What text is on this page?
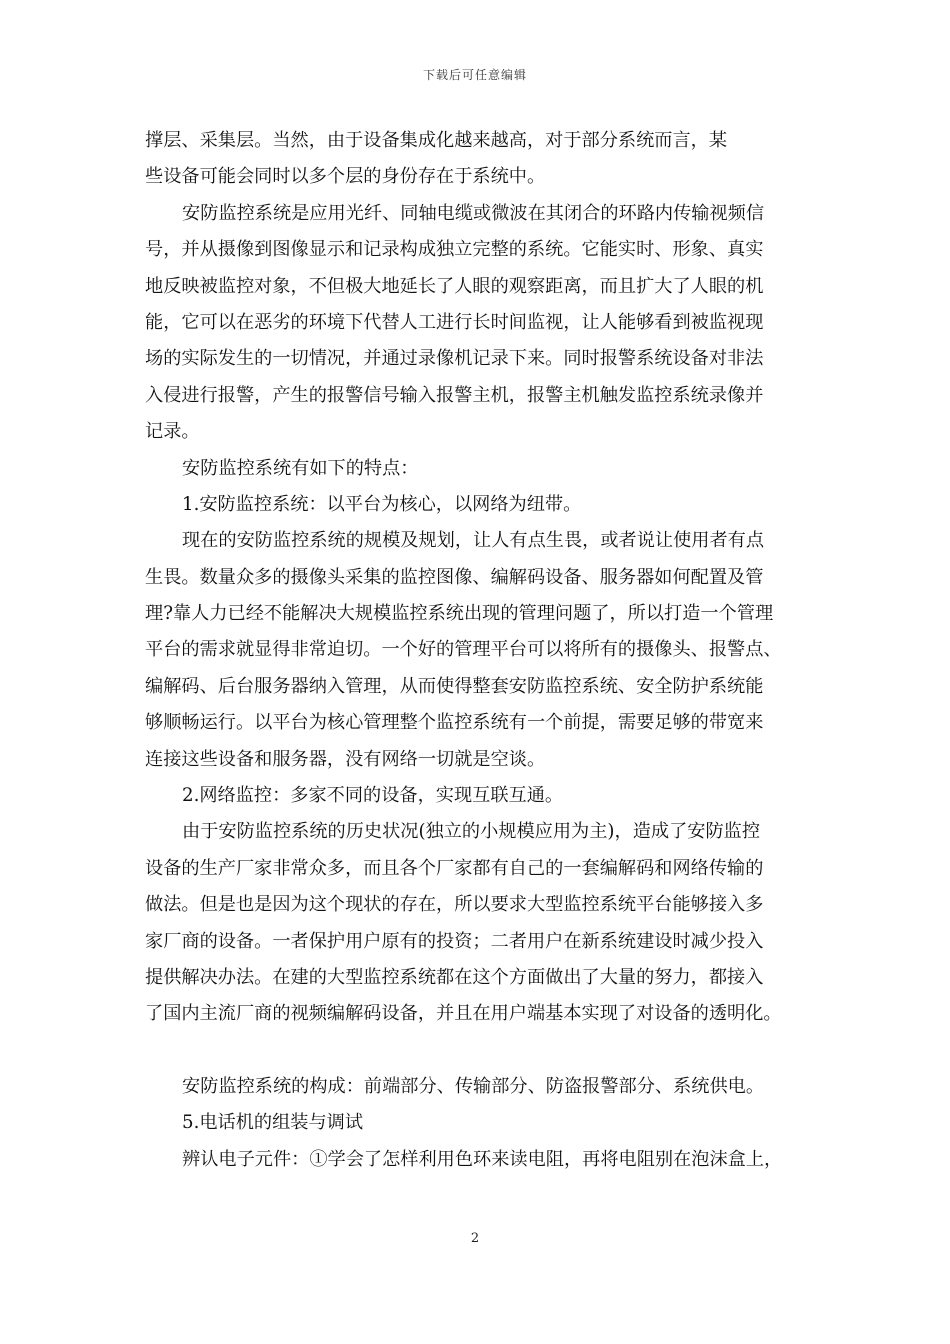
下载后可任意编辑
撑层、采集层。当然，由于设备集成化越来越高，对于部分系统而言，某
些设备可能会同时以多个层的身份存在于系统中。
安防监控系统是应用光纤、同轴电缆或微波在其闭合的环路内传输视频信
号，并从摄像到图像显示和记录构成独立完整的系统。它能实时、形象、真实
地反映被监控对象，不但极大地延长了人眼的观察距离，而且扩大了人眼的机
能，它可以在恶劣的环境下代替人工进行长时间监视，让人能够看到被监视现
场的实际发生的一切情况，并通过录像机记录下来。同时报警系统设备对非法
入侵进行报警，产生的报警信号输入报警主机，报警主机触发监控系统录像并
记录。
安防监控系统有如下的特点：
1.安防监控系统：以平台为核心，以网络为纽带。
现在的安防监控系统的规模及规划，让人有点生畏，或者说让使用者有点
生畏。数量众多的摄像头采集的监控图像、编解码设备、服务器如何配置及管
理?靠人力已经不能解决大规模监控系统出现的管理问题了，所以打造一个管理
平台的需求就显得非常迫切。一个好的管理平台可以将所有的摄像头、报警点、
编解码、后台服务器纳入管理，从而使得整套安防监控系统、安全防护系统能
够顺畅运行。以平台为核心管理整个监控系统有一个前提，需要足够的带宽来
连接这些设备和服务器，没有网络一切就是空谈。
2.网络监控：多家不同的设备，实现互联互通。
由于安防监控系统的历史状况(独立的小规模应用为主)，造成了安防监控
设备的生产厂家非常众多，而且各个厂家都有自己的一套编解码和网络传输的
做法。但是也是因为这个现状的存在，所以要求大型监控系统平台能够接入多
家厂商的设备。一者保护用户原有的投资；二者用户在新系统建设时减少投入
提供解决办法。在建的大型监控系统都在这个方面做出了大量的努力，都接入
了国内主流厂商的视频编解码设备，并且在用户端基本实现了对设备的透明化。
安防监控系统的构成：前端部分、传输部分、防盗报警部分、系统供电。
5.电话机的组装与调试
辨认电子元件：①学会了怎样利用色环来读电阻，再将电阻别在泡沫盒上，
2
